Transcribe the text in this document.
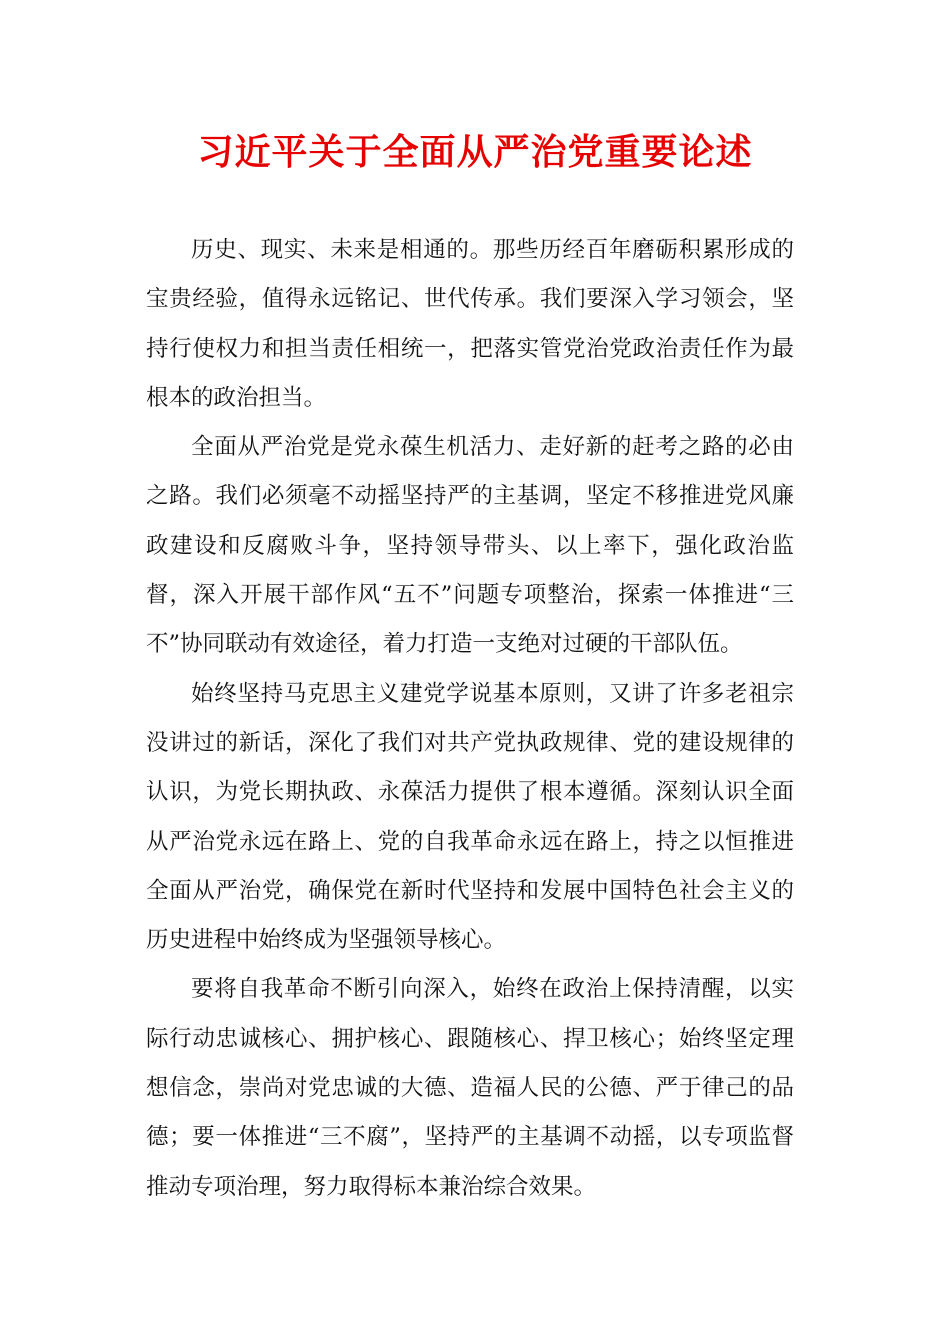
习近平关于全面从严治党重要论述

历史、现实、未来是相通的。那些历经百年磨砺积累形成的宝贵经验，值得永远铭记、世代传承。我们要深入学习领会，坚持行使权力和担当责任相统一，把落实管党治党政治责任作为最根本的政治担当。

全面从严治党是党永葆生机活力、走好新的赶考之路的必由之路。我们必须毫不动摇坚持严的主基调，坚定不移推进党风廉政建设和反腐败斗争，坚持领导带头、以上率下，强化政治监督，深入开展干部作风“五不”问题专项整治，探索一体推进“三不”协同联动有效途径，着力打造一支绝对过硬的干部队伍。

始终坚持马克思主义建党学说基本原则，又讲了许多老祖宗没讲过的新话，深化了我们对共产党执政规律、党的建设规律的认识，为党长期执政、永葆活力提供了根本遵循。深刻认识全面从严治党永远在路上、党的自我革命永远在路上，持之以恒推进全面从严治党，确保党在新时代坚持和发展中国特色社会主义的历史进程中始终成为坚强领导核心。

要将自我革命不断引向深入，始终在政治上保持清醒，以实际行动忠诚核心、拥护核心、跟随核心、捍卫核心；始终坚定理想信念，崇尚对党忠诚的大德、造福人民的公德、严于律己的品德；要一体推进“三不腐”，坚持严的主基调不动摇，以专项监督推动专项治理，努力取得标本兼治综合效果。
